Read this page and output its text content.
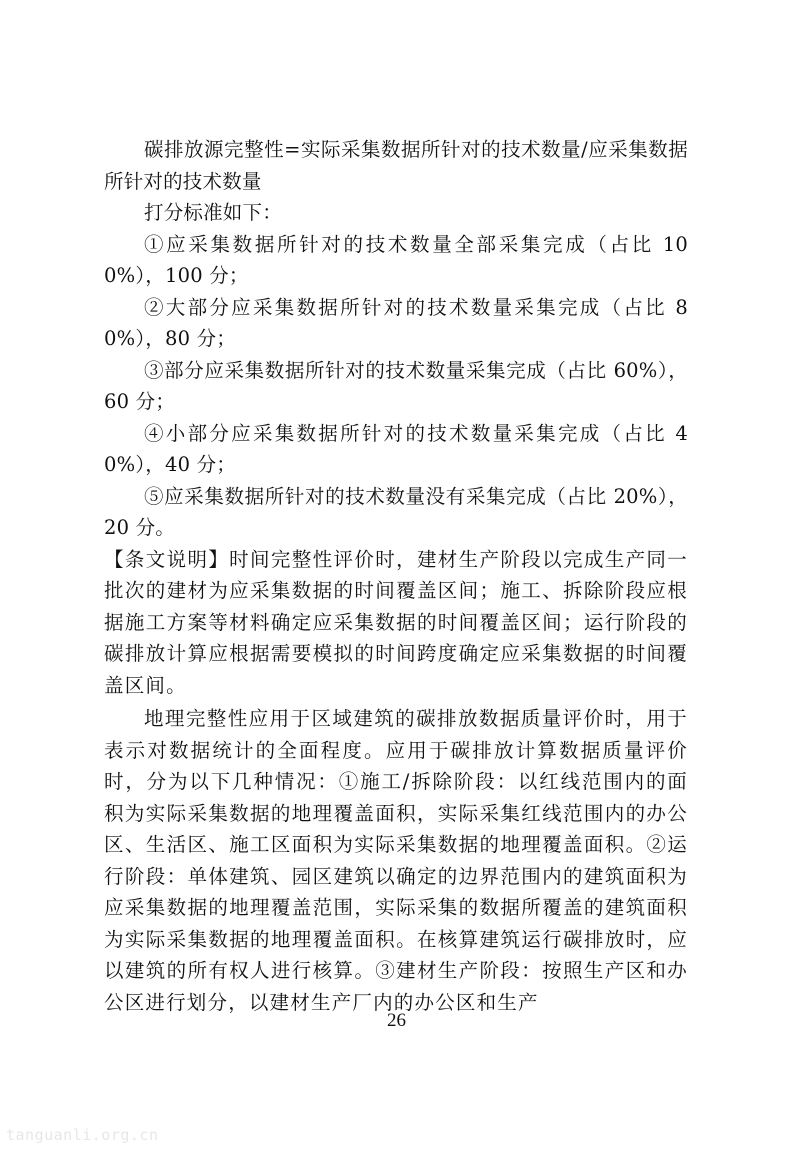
碳排放源完整性=实际采集数据所针对的技术数量/应采集数据所针对的技术数量

打分标准如下：

①应采集数据所针对的技术数量全部采集完成（占比 100%），100 分；

②大部分应采集数据所针对的技术数量采集完成（占比 80%），80 分；

③部分应采集数据所针对的技术数量采集完成（占比 60%），60 分；

④小部分应采集数据所针对的技术数量采集完成（占比 40%），40 分；

⑤应采集数据所针对的技术数量没有采集完成（占比 20%），20 分。

【条文说明】时间完整性评价时，建材生产阶段以完成生产同一批次的建材为应采集数据的时间覆盖区间；施工、拆除阶段应根据施工方案等材料确定应采集数据的时间覆盖区间；运行阶段的碳排放计算应根据需要模拟的时间跨度确定应采集数据的时间覆盖区间。

地理完整性应用于区域建筑的碳排放数据质量评价时，用于表示对数据统计的全面程度。应用于碳排放计算数据质量评价时，分为以下几种情况：①施工/拆除阶段：以红线范围内的面积为实际采集数据的地理覆盖面积，实际采集红线范围内的办公区、生活区、施工区面积为实际采集数据的地理覆盖面积。②运行阶段：单体建筑、园区建筑以确定的边界范围内的建筑面积为应采集数据的地理覆盖范围，实际采集的数据所覆盖的建筑面积为实际采集数据的地理覆盖面积。在核算建筑运行碳排放时，应以建筑的所有权人进行核算。③建材生产阶段：按照生产区和办公区进行划分，以建材生产厂内的办公区和生产

26
tanguanli.org.cn
